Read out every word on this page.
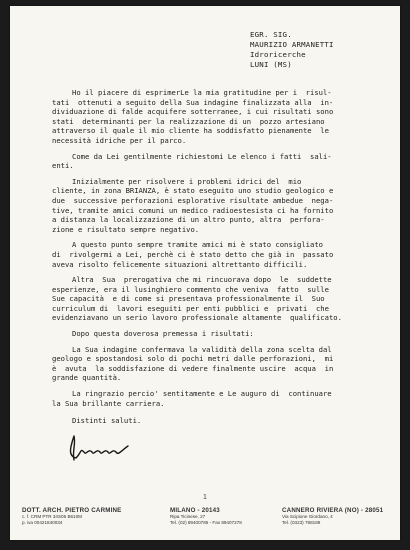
EGR. SIG.
MAURIZIO ARMANETTI
Idroricerche
LUNI (MS)
Ho il piacere di esprimerLe la mia gratitudine per i  risul-
tati  ottenuti a seguito della Sua indagine finalizzata alla  in-
dividuazione di falde acquifere sotterranee, i cui risultati sono
stati  determinanti per la realizzazione di un  pozzo artesiano
attraverso il quale il mio cliente ha soddisfatto pienamente  le
necessità idriche per il parco.
Come da Lei gentilmente richiestomi Le elenco i fatti  sali-
enti.
Inizialmente per risolvere i problemi idrici del  mio
cliente, in zona BRIANZA, è stato eseguito uno studio geologico e
due  successive perforazioni esplorative risultate ambedue  nega-
tive, tramite amici comuni un medico radioestesista ci ha fornito
a distanza la localizzazione di un altro punto, altra  perfora-
zione e risultato sempre negativo.
A questo punto sempre tramite amici mi è stato consigliato
di  rivolgermi a Lei, perchè ci è stato detto che già in  passato
aveva risolto felicemente situazioni altrettanto difficili.
Altra  Sua  prerogativa che mi rincuorava dopo  le  suddette
esperienze, era il lusinghiero commento che veniva  fatto  sulle
Sue capacità  e di come si presentava professionalmente il  Suo
curriculum di  lavori eseguiti per enti pubblici e  privati  che
evidenziavano un serio lavoro professionale altamente  qualificato.
Dopo questa doverosa premessa i risultati:
La Sua indagine confermava la validità della zona scelta dal
geologo e spostandosi solo di pochi metri dalle perforazioni,  mi
è  avuta  la soddisfazione di vedere finalmente uscire  acqua  in
grande quantità.
La ringrazio percio' sentitamente e Le auguro di  continuare
la Sua brillante carriera.
Distinti saluti.
1
DOTT. ARCH. PIETRO CARMINE
c. f. CRM PTR 34S06 B610M
p. iva 00421840034
MILANO - 20143
Ripa Ticinese, 27
Tel. (02) 89400785 - Fax 89407278
CANNERO RIVIERA (NO) - 28051
Via Scipione Giordano, 4
Tel. (0323) 788189
